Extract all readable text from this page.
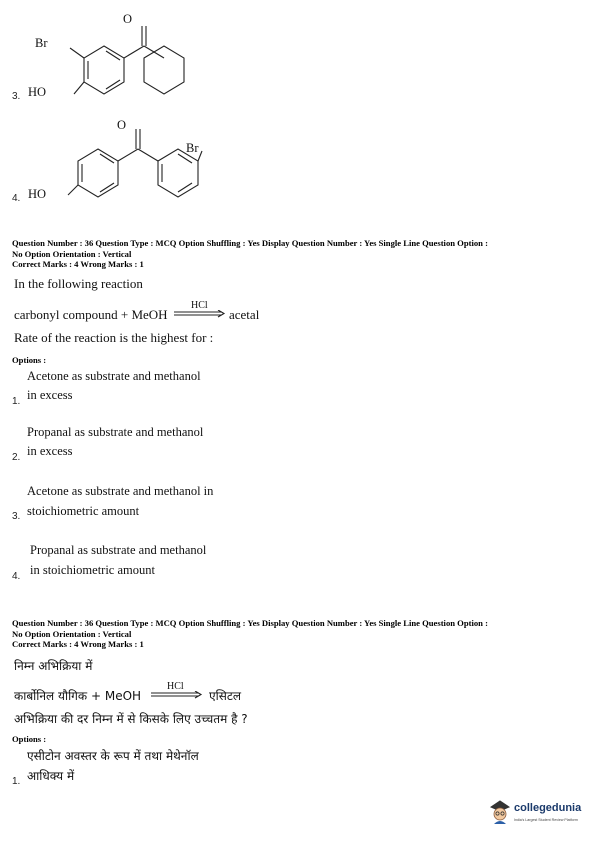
O
Br
3. HO
O
Br
4. HO
Question Number : 36 Question Type : MCQ Option Shuffling : Yes Display Question Number : Yes Single Line Question Option :
No Option Orientation : Vertical
Correct Marks : 4 Wrong Marks : 1
In the following reaction
carbonyl compound + MeOH
HCl
acetal
Rate of the reaction is the highest for :
Options :
Acetone as substrate and methanol
1. in excess
Propanal as substrate and methanol
2. in excess
Acetone as substrate and methanol in
3. stoichiometric amount
Propanal as substrate and methanol
4. in stoichiometric amount
Question Number : 36 Question Type : MCQ Option Shuffling : Yes Display Question Number : Yes Single Line Question Option :
No Option Orientation : Vertical
Correct Marks : 4 Wrong Marks : 1
निम्न अभिक्रिया में
कार्बोनिल यौगिक + MeOH
HCl
एसिटल
अभिक्रिया की दर निम्न में से किसके लिए उच्चतम है ?
Options :
एसीटोन अवस्तर के रूप में तथा मेथेनॉल
1. आधिक्य में
collegedunia
India's Largest Student Review Platform
